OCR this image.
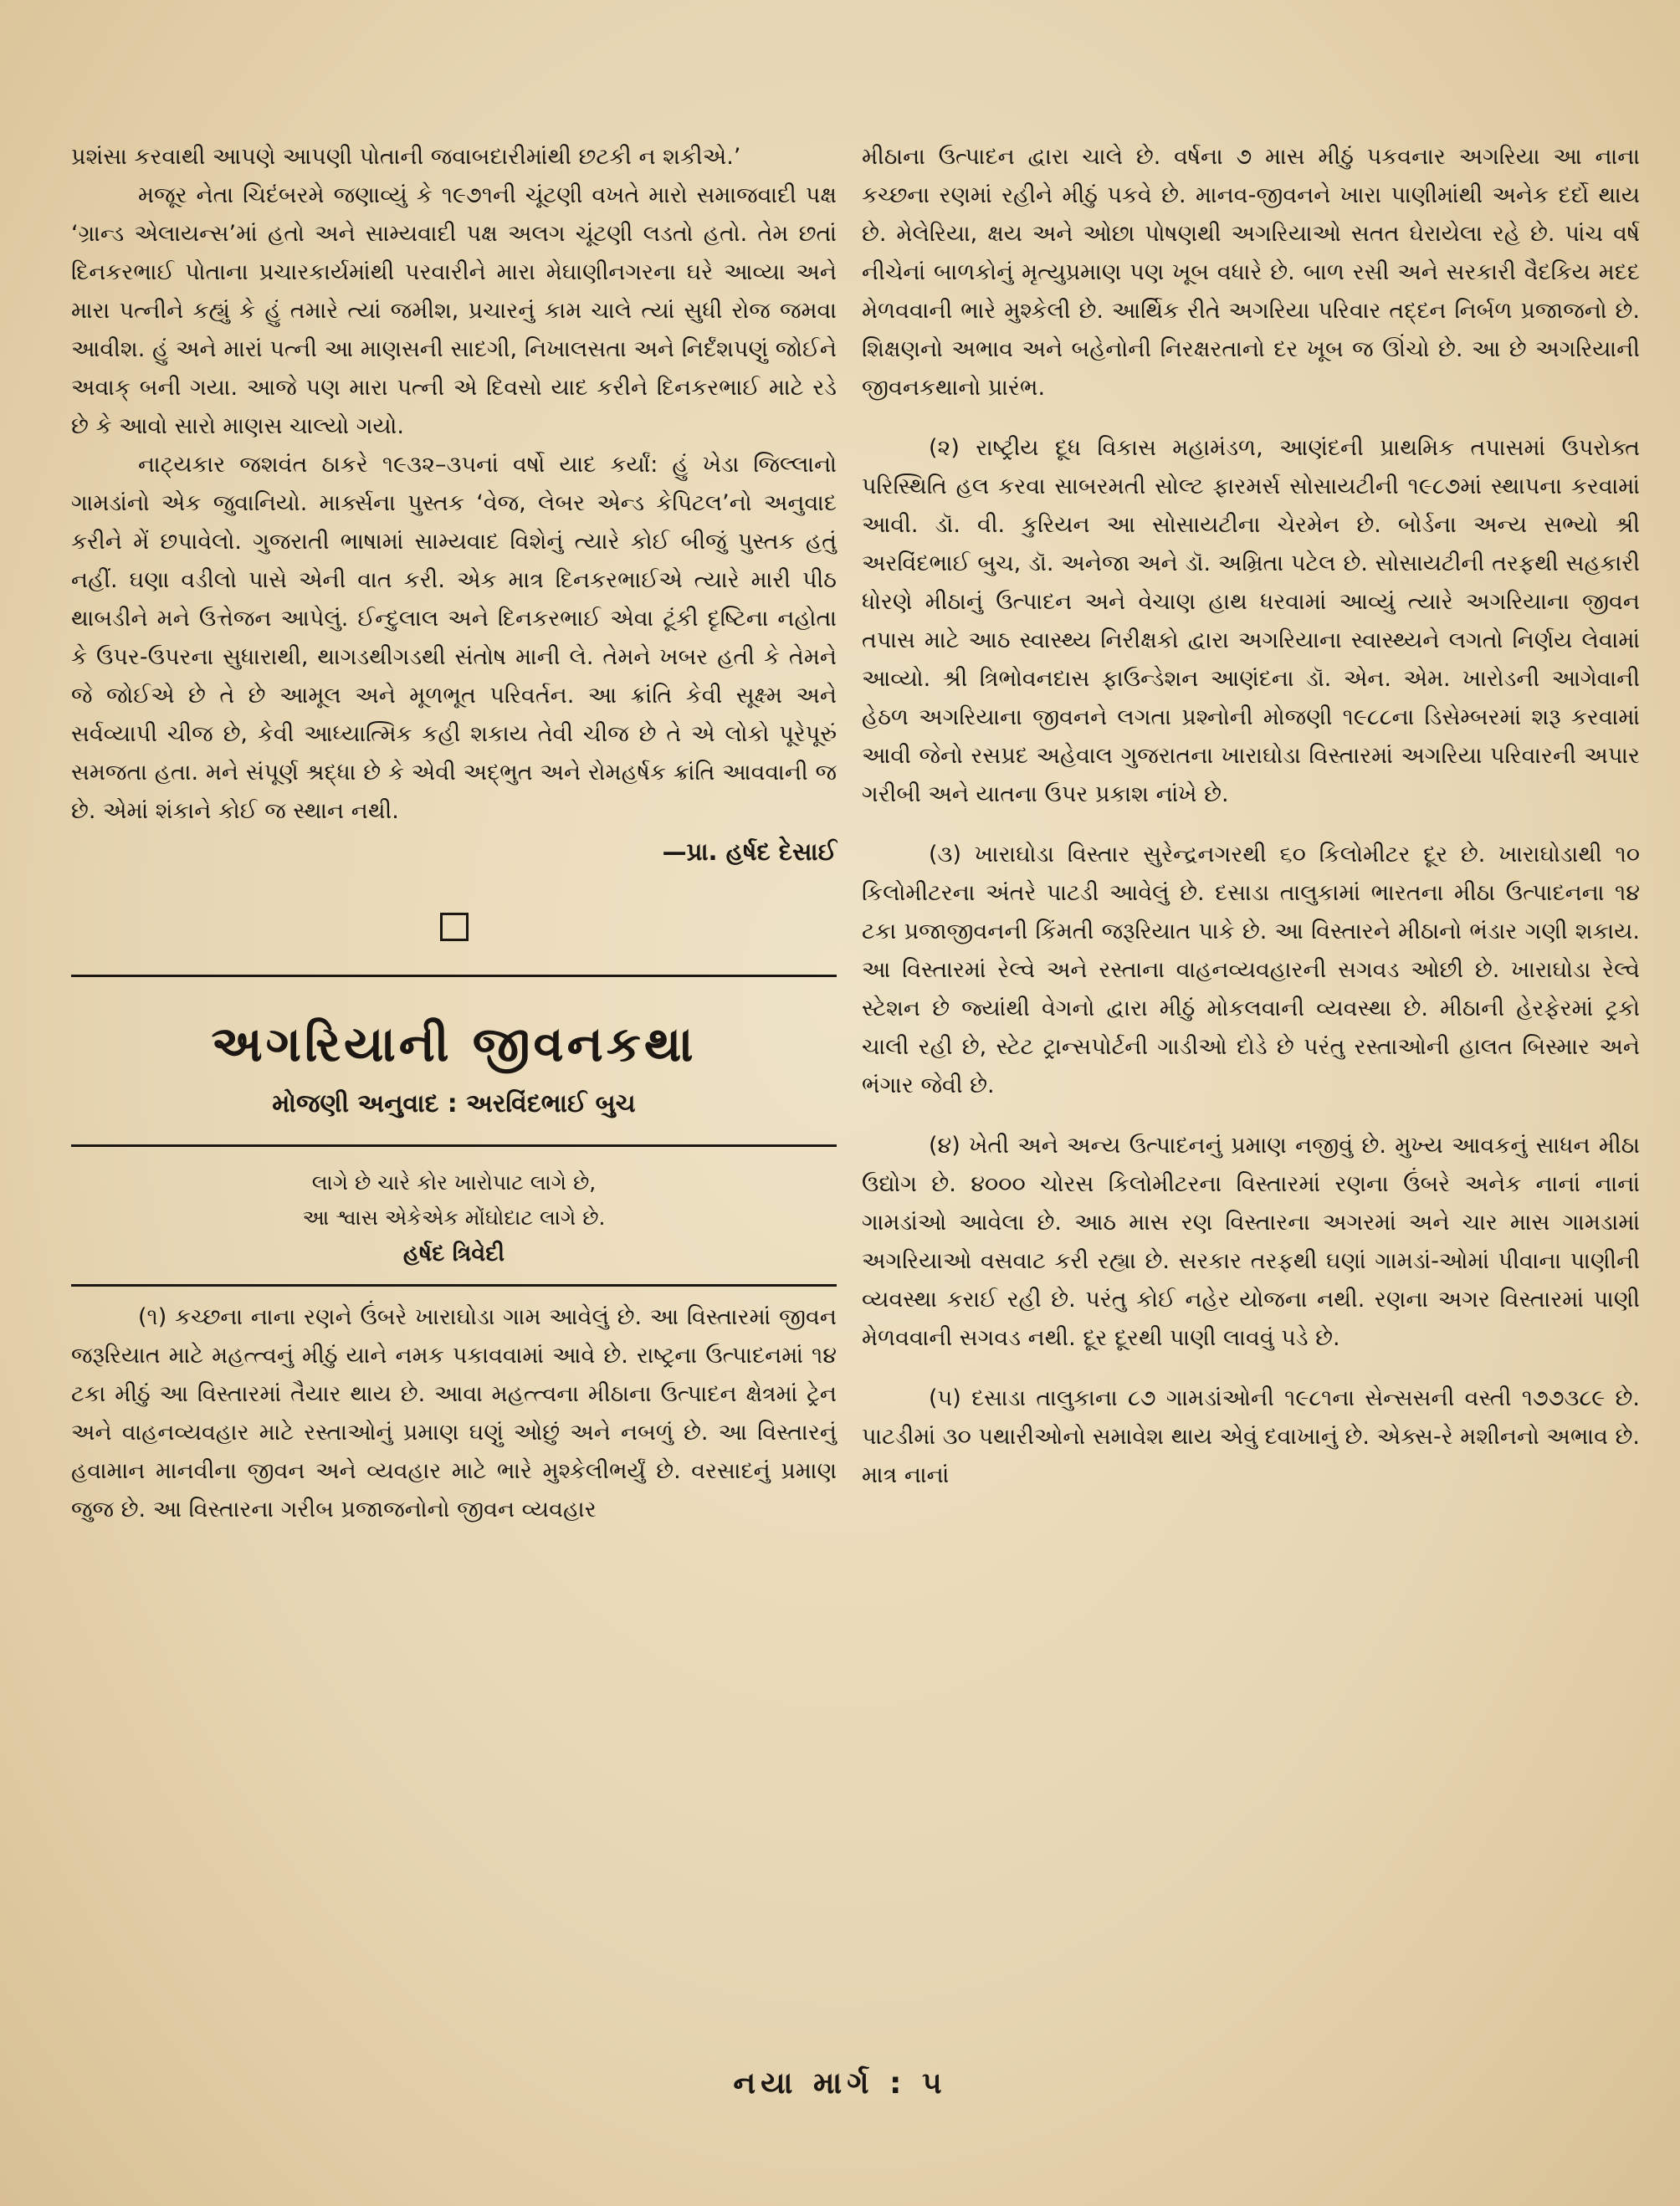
પ્રશંસા કરવાથી આપણે આપણી પોતાની જવાબદારીમાંથી છટકી ન શકીએ.’

મજૂર નેતા ચિદંબરમે જણાવ્યું કે ૧૯૭૧ની ચૂંટણી વખતે મારો સમાજવાદી પક્ષ ‘ગ્રાન્ડ એલાયન્સ’માં હતો અને સામ્યવાદી પક્ષ અલગ ચૂંટણી લડતો હતો. તેમ છતાં દિનકરભાઈ પોતાના પ્રચારકાર્યમાંથી પરવારીને મારા મેઘાણીનગરના ઘરે આવ્યા અને મારા પત્નીને કહ્યું કે હું તમારે ત્યાં જમીશ, પ્રચારનું કામ ચાલે ત્યાં સુધી રોજ જમવા આવીશ. હું અને મારાં પત્ની આ માણસની સાદગી, નિખાલસતા અને નિર્દંશપણું જોઈને અવાક્ બની ગયા. આજે પણ મારા પત્ની એ દિવસો યાદ કરીને દિનકરભાઈ માટે રડે છે કે આવો સારો માણસ ચાલ્યો ગયો.

નાટ્યકાર જશવંત ઠાકરે ૧૯૩૨–૩૫નાં વર્ષો યાદ કર્યાં: હું ખેડા જિલ્લાનો ગામડાંનો એક જુવાનિયો. માર્ક્સના પુસ્તક ‘વેજ, લેબર એન્ડ કેપિટલ’નો અનુવાદ કરીને મેં છપાવેલો. ગુજરાતી ભાષામાં સામ્યવાદ વિશેનું ત્યારે કોઈ બીજું પુસ્તક હતું નહીં. ઘણા વડીલો પાસે એની વાત કરી. એક માત્ર દિનકરભાઈએ ત્યારે મારી પીઠ થાબડીને મને ઉત્તેજન આપેલું. ઈન્દુલાલ અને દિનકરભાઈ એવા ટૂંકી દૃષ્ટિના નહોતા કે ઉપર-ઉપરના સુધારાથી, થાગડથીગડથી સંતોષ માની લે. તેમને ખબર હતી કે તેમને જે જોઈએ છે તે છે આમૂલ અને મૂળભૂત પરિવર્તન. આ ક્રાંતિ કેવી સૂક્ષ્મ અને સર્વવ્યાપી ચીજ છે, કેવી આધ્યાત્મિક કહી શકાય તેવી ચીજ છે તે એ લોકો પૂરેપૂરું સમજતા હતા. મને સંપૂર્ણ શ્રદ્ધા છે કે એવી અદ્ભુત અને રોમહર્ષક ક્રાંતિ આવવાની જ છે. એમાં શંકાને કોઈ જ સ્થાન નથી.

—પ્રા. હર્ષદ દેસાઈ

અગરિયાની જીવનકથા
મોજણી અનુવાદ : અરવિંદભાઈ બુચ

લાગે છે ચારે કોર ખારોપાટ લાગે છે,

આ શ્વાસ એકેએક મોંઘોદાટ લાગે છે.

હર્ષદ ત્રિવેદી

(૧) કચ્છના નાના રણને ઉંબરે ખારાઘોડા ગામ આવેલું છે. આ વિસ્તારમાં જીવન જરૂરિયાત માટે મહત્ત્વનું મીઠું યાને નમક પકાવવામાં આવે છે. રાષ્ટ્રના ઉત્પાદનમાં ૧૪ ટકા મીઠું આ વિસ્તારમાં તૈયાર થાય છે. આવા મહત્ત્વના મીઠાના ઉત્પાદન ક્ષેત્રમાં ટ્રેન અને વાહનવ્યવહાર માટે રસ્તાઓનું પ્રમાણ ઘણું ઓછું અને નબળું છે. આ વિસ્તારનું હવામાન માનવીના જીવન અને વ્યવહાર માટે ભારે મુશ્કેલીભર્યું છે. વરસાદનું પ્રમાણ જુજ છે. આ વિસ્તારના ગરીબ પ્રજાજનોનો જીવન વ્યવહાર

મીઠાના ઉત્પાદન દ્વારા ચાલે છે. વર્ષના ૭ માસ મીઠું પકવનાર અગરિયા આ નાના કચ્છના રણમાં રહીને મીઠું પકવે છે. માનવ-જીવનને ખારા પાણીમાંથી અનેક દર્દો થાય છે. મેલેરિયા, ક્ષય અને ઓછા પોષણથી અગરિયાઓ સતત ઘેરાયેલા રહે છે. પાંચ વર્ષ નીચેનાં બાળકોનું મૃત્યુપ્રમાણ પણ ખૂબ વધારે છે. બાળ રસી અને સરકારી વૈદકિય મદદ મેળવવાની ભારે મુશ્કેલી છે. આર્થિક રીતે અગરિયા પરિવાર તદ્દન નિર્બળ પ્રજાજનો છે. શિક્ષણનો અભાવ અને બહેનોની નિરક્ષરતાનો દર ખૂબ જ ઊંચો છે. આ છે અગરિયાની જીવનકથાનો પ્રારંભ.

(૨) રાષ્ટ્રીય દૂધ વિકાસ મહામંડળ, આણંદની પ્રાથમિક તપાસમાં ઉપરોક્ત પરિસ્થિતિ હલ કરવા સાબરમતી સોલ્ટ ફારમર્સ સોસાયટીની ૧૯૮૭માં સ્થાપના કરવામાં આવી. ડૉ. વી. કુરિયન આ સોસાયટીના ચેરમેન છે. બોર્ડના અન્ય સભ્યો શ્રી અરવિંદભાઈ બુચ, ડૉ. અનેજા અને ડૉ. અમ્રિતા પટેલ છે. સોસાયટીની તરફથી સહકારી ધોરણે મીઠાનું ઉત્પાદન અને વેચાણ હાથ ધરવામાં આવ્યું ત્યારે અગરિયાના જીવન તપાસ માટે આઠ સ્વાસ્થ્ય નિરીક્ષકો દ્વારા અગરિયાના સ્વાસ્થ્યને લગતો નિર્ણય લેવામાં આવ્યો. શ્રી ત્રિભોવનદાસ ફાઉન્ડેશન આણંદના ડૉ. એન. એમ. ખારોડની આગેવાની હેઠળ અગરિયાના જીવનને લગતા પ્રશ્નોની મોજણી ૧૯૮૮ના ડિસેમ્બરમાં શરૂ કરવામાં આવી જેનો રસપ્રદ અહેવાલ ગુજરાતના ખારાઘોડા વિસ્તારમાં અગરિયા પરિવારની અપાર ગરીબી અને યાતના ઉપર પ્રકાશ નાંખે છે.

(૩) ખારાઘોડા વિસ્તાર સુરેન્દ્રનગરથી ૬૦ કિલોમીટર દૂર છે. ખારાઘોડાથી ૧૦ કિલોમીટરના અંતરે પાટડી આવેલું છે. દસાડા તાલુકામાં ભારતના મીઠા ઉત્પાદનના ૧૪ ટકા પ્રજાજીવનની કિંમતી જરૂરિયાત પાકે છે. આ વિસ્તારને મીઠાનો ભંડાર ગણી શકાય. આ વિસ્તારમાં રેલ્વે અને રસ્તાના વાહનવ્યવહારની સગવડ ઓછી છે. ખારાઘોડા રેલ્વે સ્ટેશન છે જ્યાંથી વેગનો દ્વારા મીઠું મોકલવાની વ્યવસ્થા છે. મીઠાની હેરફેરમાં ટ્રકો ચાલી રહી છે, સ્ટેટ ટ્રાન્સપોર્ટની ગાડીઓ દોડે છે પરંતુ રસ્તાઓની હાલત બિસ્માર અને ભંગાર જેવી છે.

(૪) ખેતી અને અન્ય ઉત્પાદનનું પ્રમાણ નજીવું છે. મુખ્ય આવકનું સાધન મીઠા ઉદ્યોગ છે. ૪૦૦૦ ચોરસ કિલોમીટરના વિસ્તારમાં રણના ઉંબરે અનેક નાનાં નાનાં ગામડાંઓ આવેલા છે. આઠ માસ રણ વિસ્તારના અગરમાં અને ચાર માસ ગામડામાં અગરિયાઓ વસવાટ કરી રહ્યા છે. સરકાર તરફથી ઘણાં ગામડાં-ઓમાં પીવાના પાણીની વ્યવસ્થા કરાઈ રહી છે. પરંતુ કોઈ નહેર યોજના નથી. રણના અગર વિસ્તારમાં પાણી મેળવવાની સગવડ નથી. દૂર દૂરથી પાણી લાવવું પડે છે.

(૫) દસાડા તાલુકાના ૮૭ ગામડાંઓની ૧૯૮૧ના સેન્સસની વસ્તી ૧૭૭૩૮૯ છે. પાટડીમાં ૩૦ પથારીઓનો સમાવેશ થાય એવું દવાખાનું છે. એક્સ-રે મશીનનો અભાવ છે. માત્ર નાનાં

નયા માર્ગ : ૫
